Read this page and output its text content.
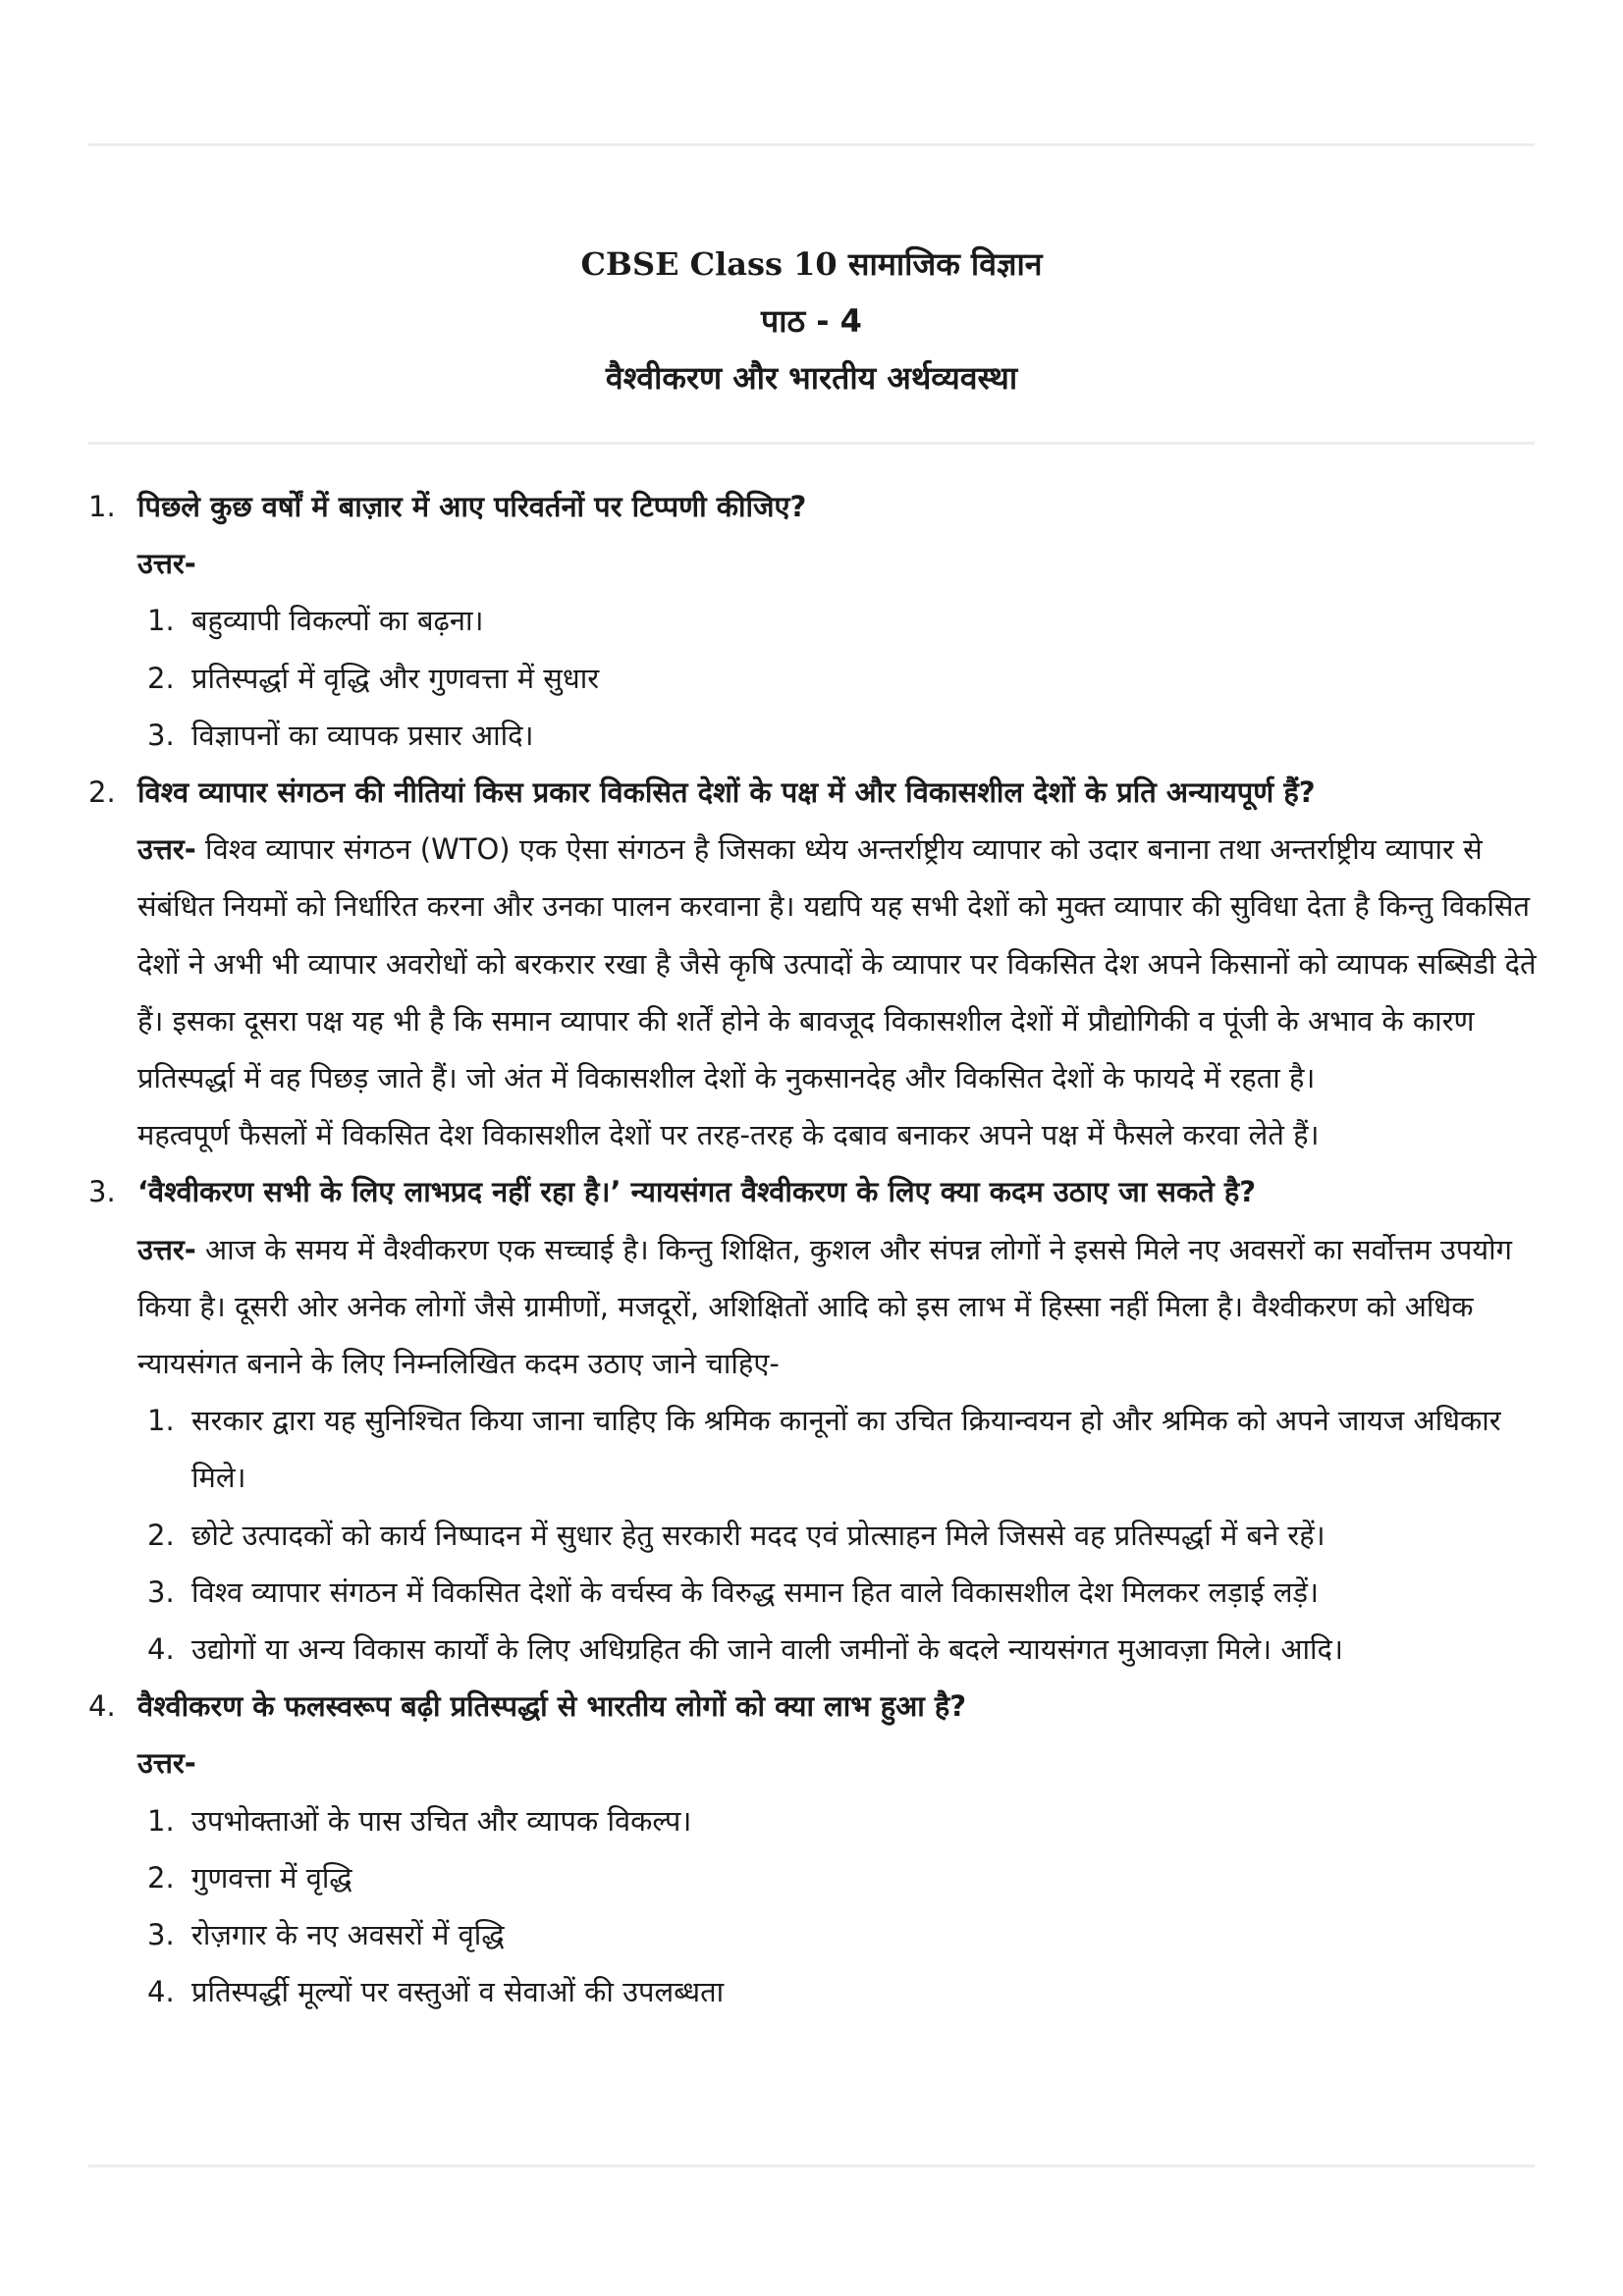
CBSE Class 10 सामाजिक विज्ञान
पाठ - 4
वैश्वीकरण और भारतीय अर्थव्यवस्था
1. पिछले कुछ वर्षों में बाज़ार में आए परिवर्तनों पर टिप्पणी कीजिए?
उत्तर-
1. बहुव्यापी विकल्पों का बढ़ना।
2. प्रतिस्पर्द्धा में वृद्धि और गुणवत्ता में सुधार
3. विज्ञापनों का व्यापक प्रसार आदि।
2. विश्व व्यापार संगठन की नीतियां किस प्रकार विकसित देशों के पक्ष में और विकासशील देशों के प्रति अन्यायपूर्ण हैं?
उत्तर- विश्व व्यापार संगठन (WTO) एक ऐसा संगठन है जिसका ध्येय अन्तर्राष्ट्रीय व्यापार को उदार बनाना तथा अन्तर्राष्ट्रीय व्यापार से संबंधित नियमों को निर्धारित करना और उनका पालन करवाना है। यद्यपि यह सभी देशों को मुक्त व्यापार की सुविधा देता है किन्तु विकसित देशों ने अभी भी व्यापार अवरोधों को बरकरार रखा है जैसे कृषि उत्पादों के व्यापार पर विकसित देश अपने किसानों को व्यापक सब्सिडी देते हैं। इसका दूसरा पक्ष यह भी है कि समान व्यापार की शर्तें होने के बावजूद विकासशील देशों में प्रौद्योगिकी व पूंजी के अभाव के कारण प्रतिस्पर्द्धा में वह पिछड़ जाते हैं। जो अंत में विकासशील देशों के नुकसानदेह और विकसित देशों के फायदे में रहता है।
महत्वपूर्ण फैसलों में विकसित देश विकासशील देशों पर तरह-तरह के दबाव बनाकर अपने पक्ष में फैसले करवा लेते हैं।
3. ‘वैश्वीकरण सभी के लिए लाभप्रद नहीं रहा है।’ न्यायसंगत वैश्वीकरण के लिए क्या कदम उठाए जा सकते है?
उत्तर- आज के समय में वैश्वीकरण एक सच्चाई है। किन्तु शिक्षित, कुशल और संपन्न लोगों ने इससे मिले नए अवसरों का सर्वोत्तम उपयोग किया है। दूसरी ओर अनेक लोगों जैसे ग्रामीणों, मजदूरों, अशिक्षितों आदि को इस लाभ में हिस्सा नहीं मिला है। वैश्वीकरण को अधिक न्यायसंगत बनाने के लिए निम्नलिखित कदम उठाए जाने चाहिए-
1. सरकार द्वारा यह सुनिश्चित किया जाना चाहिए कि श्रमिक कानूनों का उचित क्रियान्वयन हो और श्रमिक को अपने जायज अधिकार मिले।
2. छोटे उत्पादकों को कार्य निष्पादन में सुधार हेतु सरकारी मदद एवं प्रोत्साहन मिले जिससे वह प्रतिस्पर्द्धा में बने रहें।
3. विश्व व्यापार संगठन में विकसित देशों के वर्चस्व के विरुद्ध समान हित वाले विकासशील देश मिलकर लड़ाई लड़ें।
4. उद्योगों या अन्य विकास कार्यों के लिए अधिग्रहित की जाने वाली जमीनों के बदले न्यायसंगत मुआवज़ा मिले। आदि।
4. वैश्वीकरण के फलस्वरूप बढ़ी प्रतिस्पर्द्धा से भारतीय लोगों को क्या लाभ हुआ है?
उत्तर-
1. उपभोक्ताओं के पास उचित और व्यापक विकल्प।
2. गुणवत्ता में वृद्धि
3. रोज़गार के नए अवसरों में वृद्धि
4. प्रतिस्पर्द्धी मूल्यों पर वस्तुओं व सेवाओं की उपलब्धता
